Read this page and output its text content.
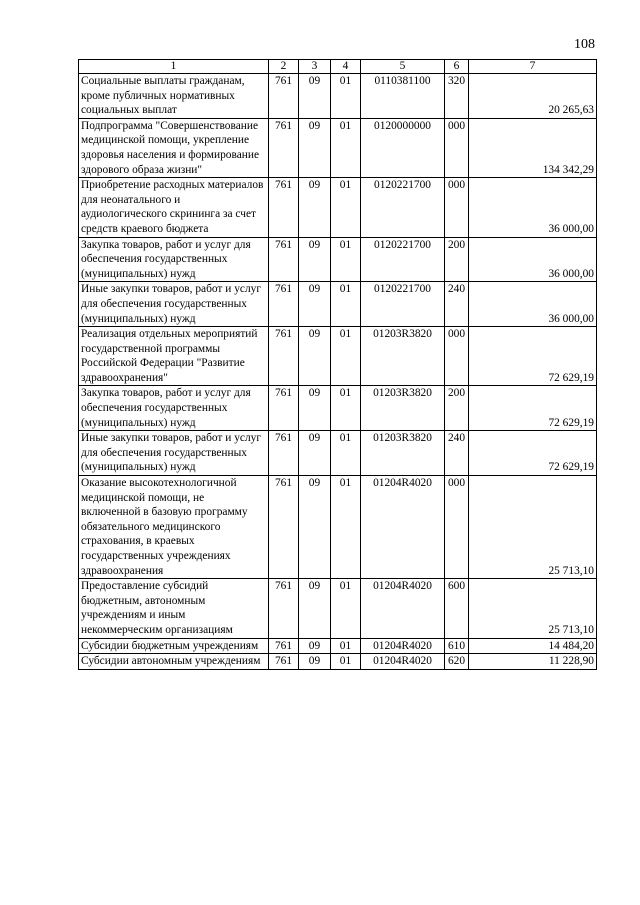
108
1	2	3	4	5	6	7
Социальные выплаты гражданам, кроме публичных нормативных социальных выплат	761	09	01	0110381100	320	20 265,63
Подпрограмма "Совершенствование медицинской помощи, укрепление здоровья населения и формирование здорового образа жизни"	761	09	01	0120000000	000	134 342,29
Приобретение расходных материалов для неонатального и аудиологического скрининга за счет средств краевого бюджета	761	09	01	0120221700	000	36 000,00
Закупка товаров, работ и услуг для обеспечения государственных (муниципальных) нужд	761	09	01	0120221700	200	36 000,00
Иные закупки товаров, работ и услуг для обеспечения государственных (муниципальных) нужд	761	09	01	0120221700	240	36 000,00
Реализация отдельных мероприятий государственной программы Российской Федерации "Развитие здравоохранения"	761	09	01	01203R3820	000	72 629,19
Закупка товаров, работ и услуг для обеспечения государственных (муниципальных) нужд	761	09	01	01203R3820	200	72 629,19
Иные закупки товаров, работ и услуг для обеспечения государственных (муниципальных) нужд	761	09	01	01203R3820	240	72 629,19
Оказание высокотехнологичной медицинской помощи, не включенной в базовую программу обязательного медицинского страхования, в краевых государственных учреждениях здравоохранения	761	09	01	01204R4020	000	25 713,10
Предоставление субсидий бюджетным, автономным учреждениям и иным некоммерческим организациям	761	09	01	01204R4020	600	25 713,10
Субсидии бюджетным учреждениям	761	09	01	01204R4020	610	14 484,20
Субсидии автономным учреждениям	761	09	01	01204R4020	620	11 228,90
